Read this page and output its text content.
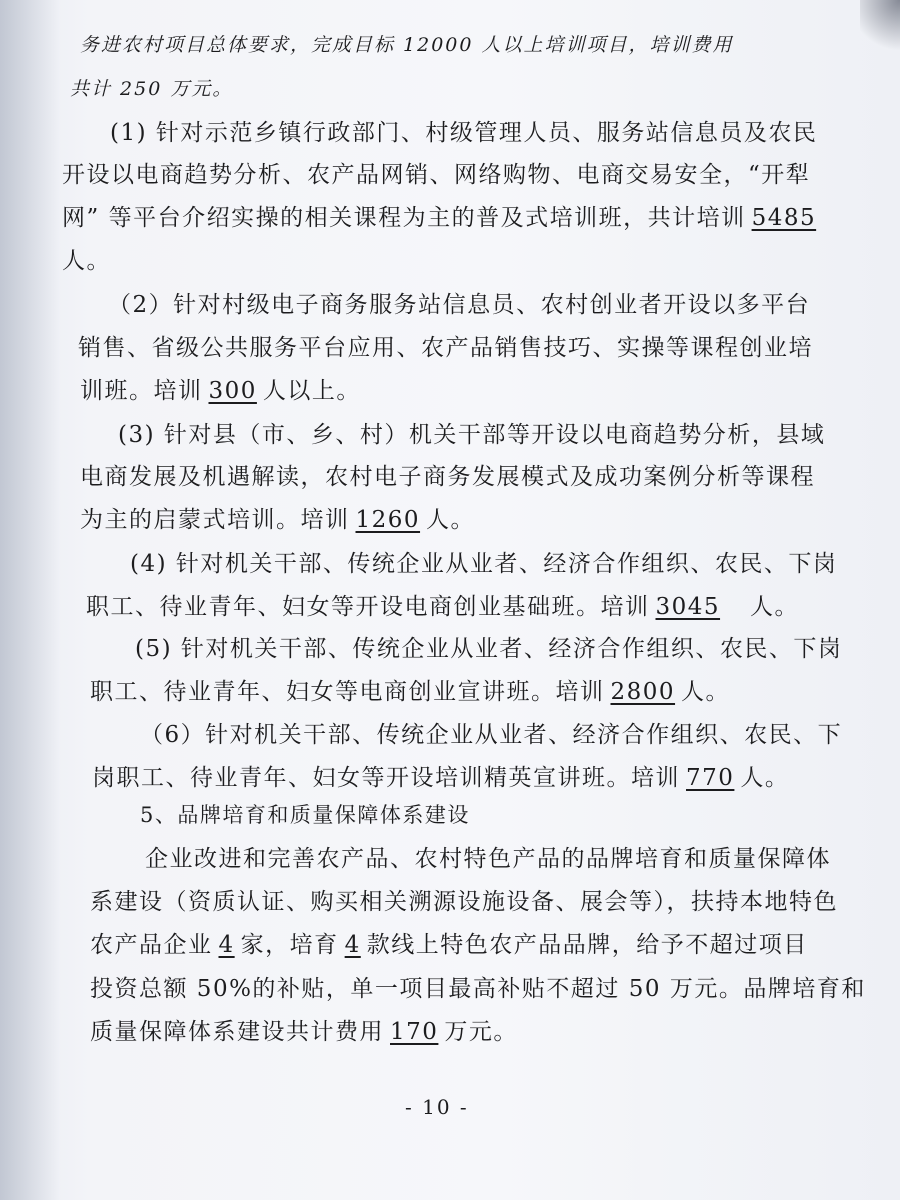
务进农村项目总体要求，完成目标 12000 人以上培训项目，培训费用
共计 250 万元。
(1) 针对示范乡镇行政部门、村级管理人员、服务站信息员及农民
开设以电商趋势分析、农产品网销、网络购物、电商交易安全，“开犁
网” 等平台介绍实操的相关课程为主的普及式培训班，共计培训 5485
人。
（2）针对村级电子商务服务站信息员、农村创业者开设以多平台
销售、省级公共服务平台应用、农产品销售技巧、实操等课程创业培
训班。培训 300 人以上。
(3) 针对县（市、乡、村）机关干部等开设以电商趋势分析，县域
电商发展及机遇解读，农村电子商务发展模式及成功案例分析等课程
为主的启蒙式培训。培训 1260 人。
(4) 针对机关干部、传统企业从业者、经济合作组织、农民、下岗
职工、待业青年、妇女等开设电商创业基础班。培训 3045 人。
(5) 针对机关干部、传统企业从业者、经济合作组织、农民、下岗
职工、待业青年、妇女等电商创业宣讲班。培训 2800 人。
（6）针对机关干部、传统企业从业者、经济合作组织、农民、下
岗职工、待业青年、妇女等开设培训精英宣讲班。培训 770 人。
5、品牌培育和质量保障体系建设
企业改进和完善农产品、农村特色产品的品牌培育和质量保障体
系建设（资质认证、购买相关溯源设施设备、展会等），扶持本地特色
农产品企业 4 家，培育 4 款线上特色农产品品牌，给予不超过项目
投资总额 50%的补贴，单一项目最高补贴不超过 50 万元。品牌培育和
质量保障体系建设共计费用 170 万元。
- 10 -
